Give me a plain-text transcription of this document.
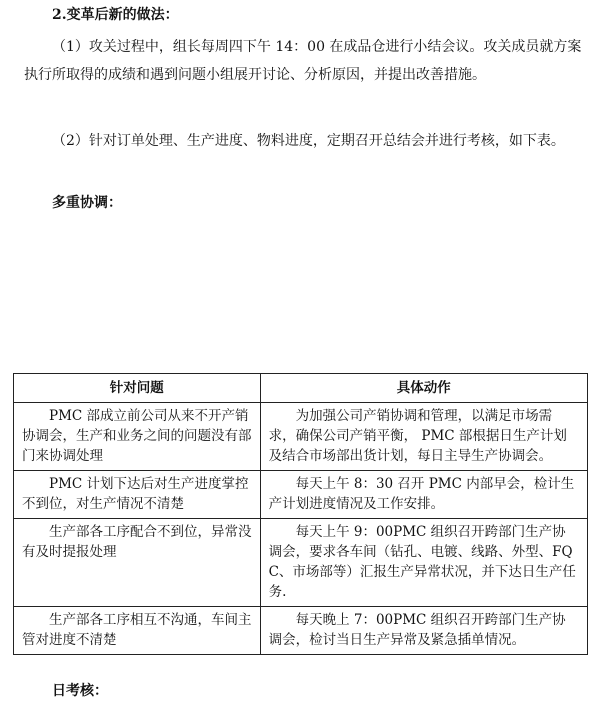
2.变革后新的做法：

（1）攻关过程中，组长每周四下午 14：00 在成品仓进行小结会议。攻关成员就方案执行所取得的成绩和遇到问题小组展开讨论、分析原因，并提出改善措施。

（2）针对订单处理、生产进度、物料进度，定期召开总结会并进行考核，如下表。

多重协调：
针对问题	具体动作

PMC 部成立前公司从来不开产销协调会，生产和业务之间的问题没有部门来协调处理	为加强公司产销协调和管理，以满足市场需求，确保公司产销平衡， PMC 部根据日生产计划及结合市场部出货计划，每日主导生产协调会。

PMC 计划下达后对生产进度掌控不到位，对生产情况不清楚	每天上午 8：30 召开 PMC 内部早会，检计生产计划进度情况及工作安排。

生产部各工序配合不到位，异常没有及时提报处理	每天上午 9：00PMC 组织召开跨部门生产协调会，要求各车间（钻孔、电镀、线路、外型、FQC、市场部等）汇报生产异常状况，并下达日生产任务.

生产部各工序相互不沟通，车间主管对进度不清楚	每天晚上 7：00PMC 组织召开跨部门生产协调会，检讨当日生产异常及紧急插单情况。

日考核：
